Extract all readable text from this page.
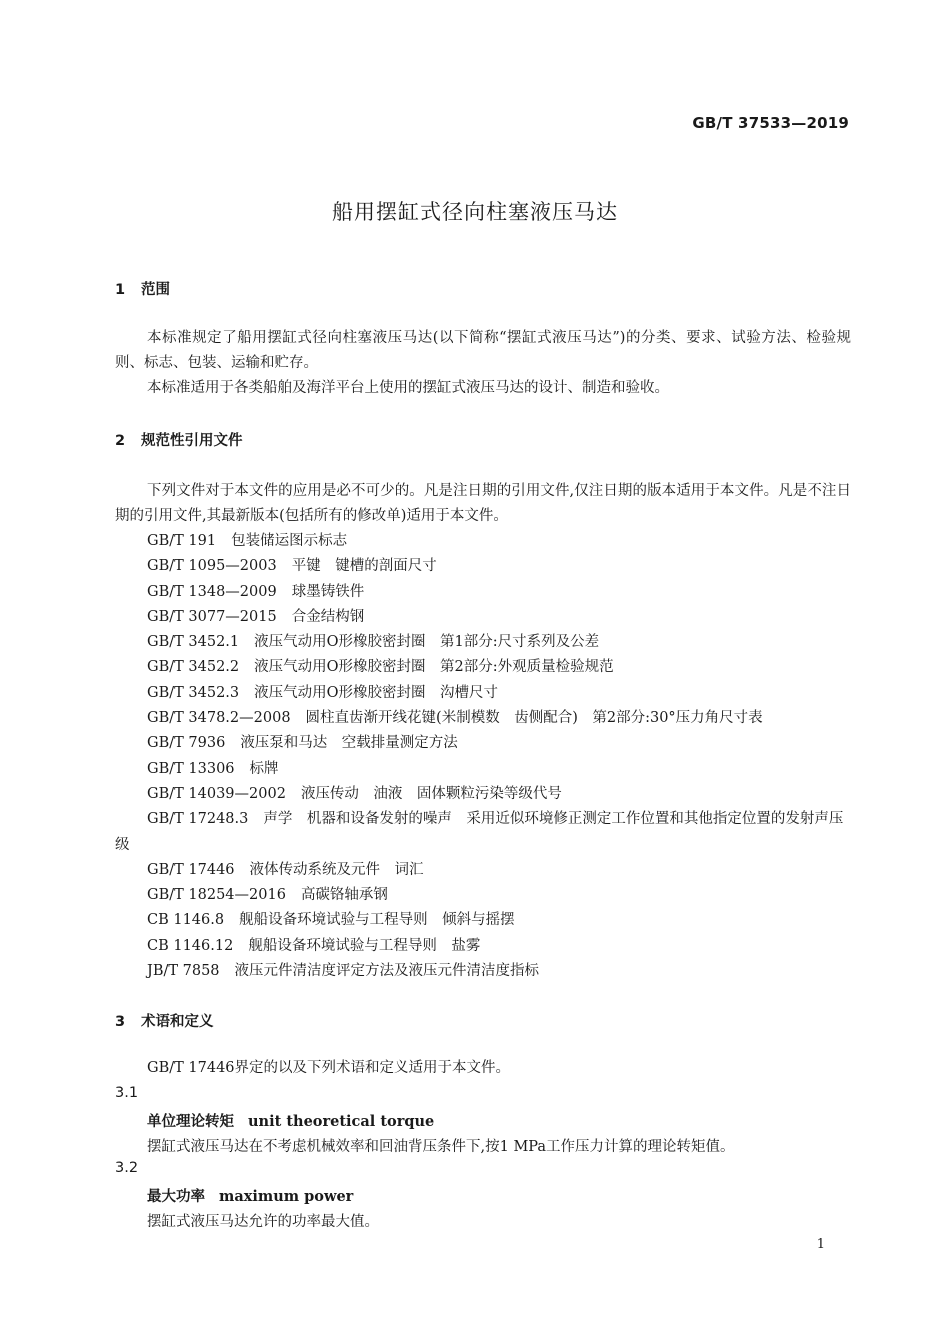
GB/T 37533—2019
船用摆缸式径向柱塞液压马达
1 范围

本标准规定了船用摆缸式径向柱塞液压马达(以下简称“摆缸式液压马达”)的分类、要求、试验方法、检验规则、标志、包装、运输和贮存。

本标准适用于各类船舶及海洋平台上使用的摆缸式液压马达的设计、制造和验收。

2 规范性引用文件

下列文件对于本文件的应用是必不可少的。凡是注日期的引用文件,仅注日期的版本适用于本文件。凡是不注日期的引用文件,其最新版本(包括所有的修改单)适用于本文件。

GB/T 191 包装储运图示标志
GB/T 1095—2003 平键　键槽的剖面尺寸
GB/T 1348—2009 球墨铸铁件
GB/T 3077—2015 合金结构钢
GB/T 3452.1 液压气动用O形橡胶密封圈　第1部分:尺寸系列及公差
GB/T 3452.2 液压气动用O形橡胶密封圈　第2部分:外观质量检验规范
GB/T 3452.3 液压气动用O形橡胶密封圈　沟槽尺寸
GB/T 3478.2—2008 圆柱直齿渐开线花键(米制模数　齿侧配合)　第2部分:30°压力角尺寸表
GB/T 7936 液压泵和马达　空载排量测定方法
GB/T 13306 标牌
GB/T 14039—2002 液压传动　油液　固体颗粒污染等级代号
GB/T 17248.3 声学　机器和设备发射的噪声　采用近似环境修正测定工作位置和其他指定位置的发射声压级
GB/T 17446 液体传动系统及元件　词汇
GB/T 18254—2016 高碳铬轴承钢
CB 1146.8 舰船设备环境试验与工程导则　倾斜与摇摆
CB 1146.12 舰船设备环境试验与工程导则　盐雾
JB/T 7858 液压元件清洁度评定方法及液压元件清洁度指标
3 术语和定义

GB/T 17446界定的以及下列术语和定义适用于本文件。

3.1
单位理论转矩 unit theoretical torque
摆缸式液压马达在不考虑机械效率和回油背压条件下,按1 MPa工作压力计算的理论转矩值。
3.2
最大功率 maximum power
摆缸式液压马达允许的功率最大值。
1
